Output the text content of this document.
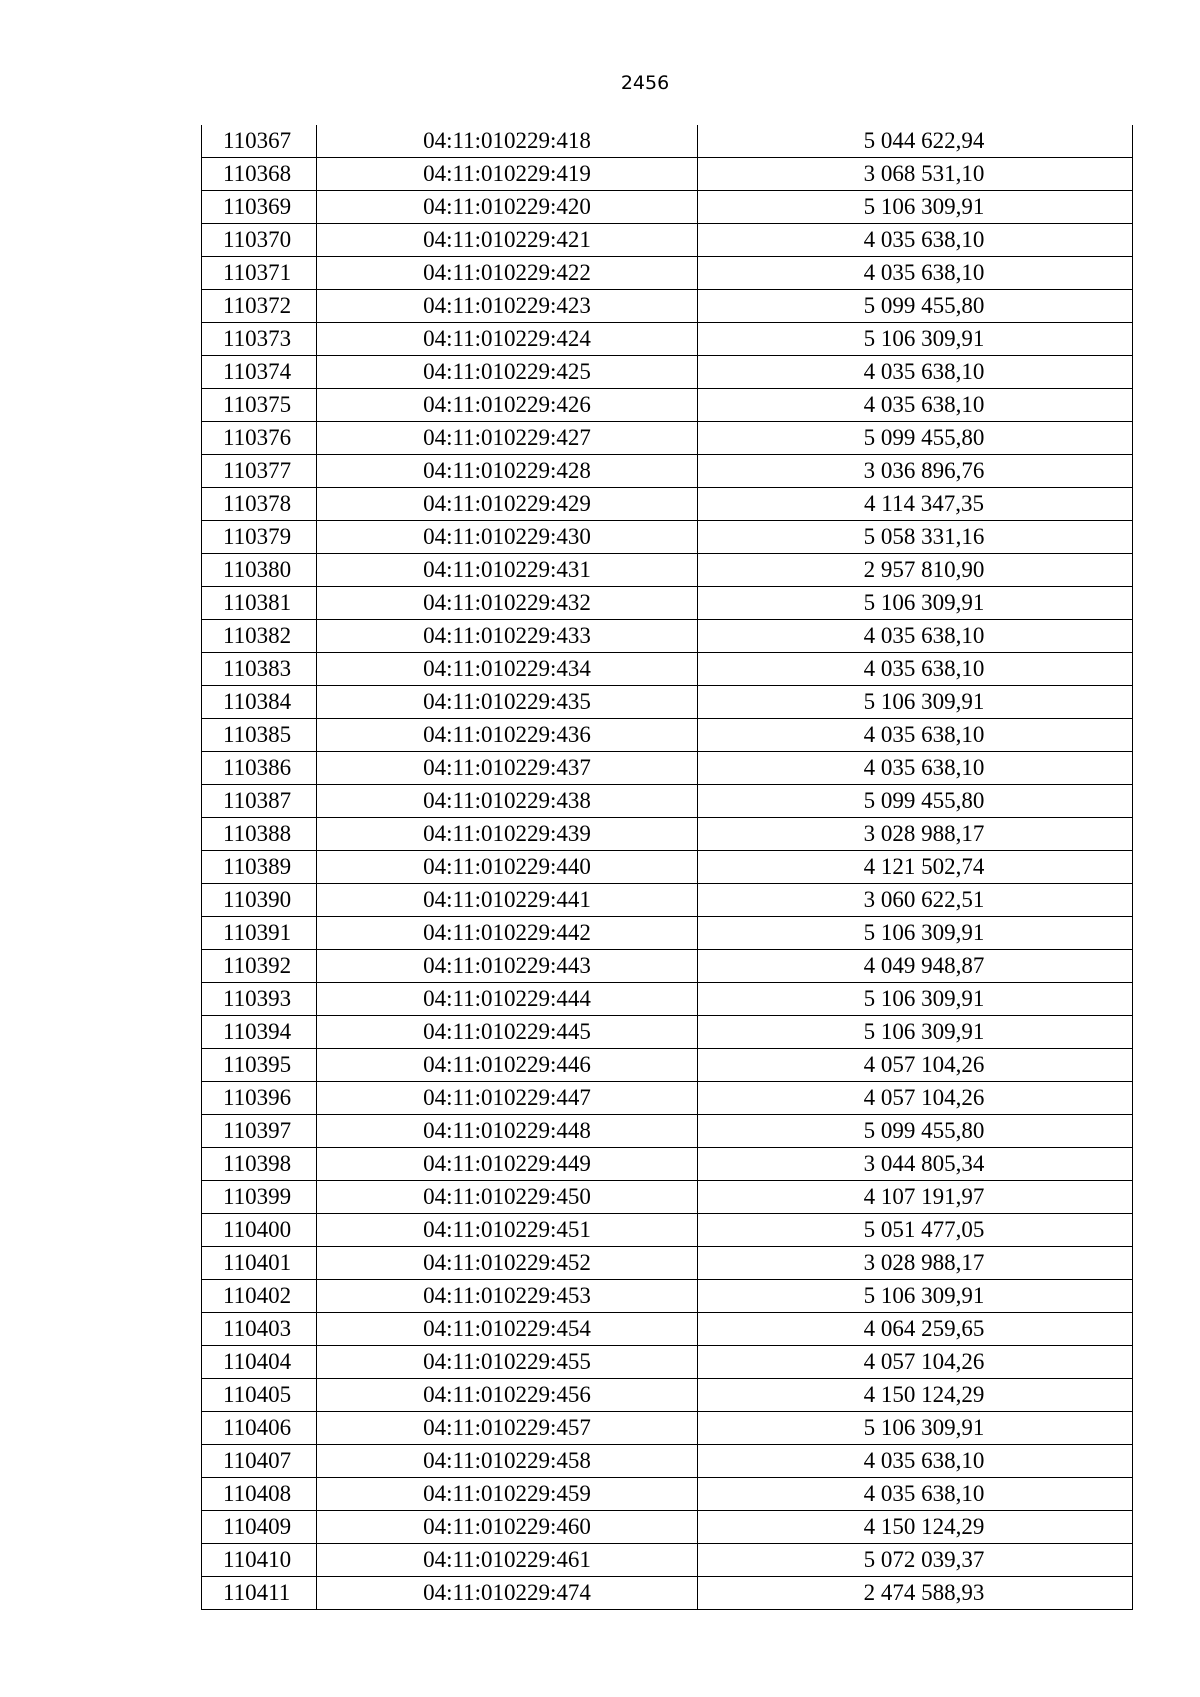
2456
110367	04:11:010229:418	5 044 622,94
110368	04:11:010229:419	3 068 531,10
110369	04:11:010229:420	5 106 309,91
110370	04:11:010229:421	4 035 638,10
110371	04:11:010229:422	4 035 638,10
110372	04:11:010229:423	5 099 455,80
110373	04:11:010229:424	5 106 309,91
110374	04:11:010229:425	4 035 638,10
110375	04:11:010229:426	4 035 638,10
110376	04:11:010229:427	5 099 455,80
110377	04:11:010229:428	3 036 896,76
110378	04:11:010229:429	4 114 347,35
110379	04:11:010229:430	5 058 331,16
110380	04:11:010229:431	2 957 810,90
110381	04:11:010229:432	5 106 309,91
110382	04:11:010229:433	4 035 638,10
110383	04:11:010229:434	4 035 638,10
110384	04:11:010229:435	5 106 309,91
110385	04:11:010229:436	4 035 638,10
110386	04:11:010229:437	4 035 638,10
110387	04:11:010229:438	5 099 455,80
110388	04:11:010229:439	3 028 988,17
110389	04:11:010229:440	4 121 502,74
110390	04:11:010229:441	3 060 622,51
110391	04:11:010229:442	5 106 309,91
110392	04:11:010229:443	4 049 948,87
110393	04:11:010229:444	5 106 309,91
110394	04:11:010229:445	5 106 309,91
110395	04:11:010229:446	4 057 104,26
110396	04:11:010229:447	4 057 104,26
110397	04:11:010229:448	5 099 455,80
110398	04:11:010229:449	3 044 805,34
110399	04:11:010229:450	4 107 191,97
110400	04:11:010229:451	5 051 477,05
110401	04:11:010229:452	3 028 988,17
110402	04:11:010229:453	5 106 309,91
110403	04:11:010229:454	4 064 259,65
110404	04:11:010229:455	4 057 104,26
110405	04:11:010229:456	4 150 124,29
110406	04:11:010229:457	5 106 309,91
110407	04:11:010229:458	4 035 638,10
110408	04:11:010229:459	4 035 638,10
110409	04:11:010229:460	4 150 124,29
110410	04:11:010229:461	5 072 039,37
110411	04:11:010229:474	2 474 588,93
